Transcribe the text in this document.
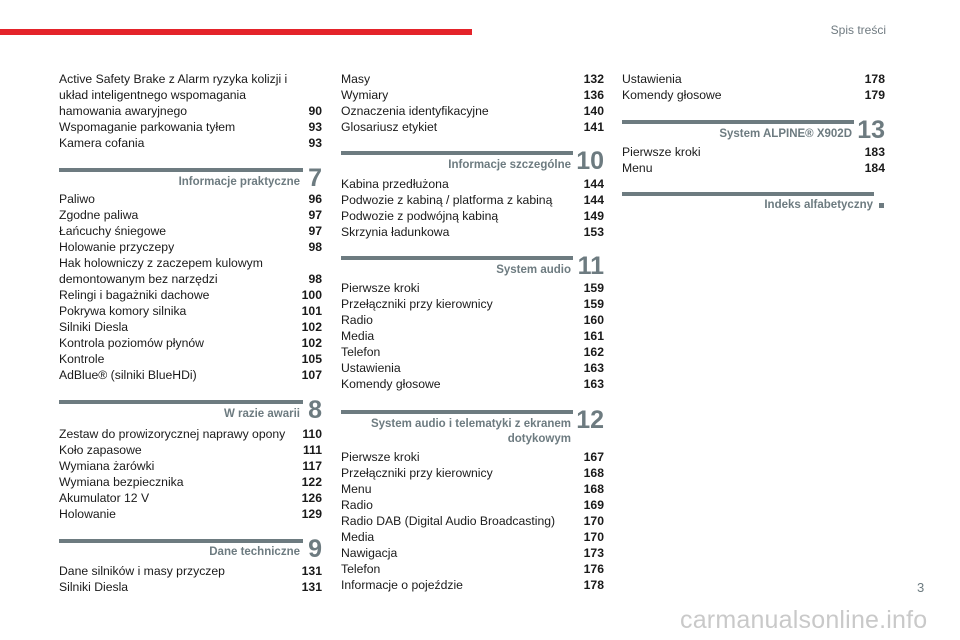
Spis treści
Active Safety Brake z Alarm ryzyka kolizji i układ inteligentnego wspomagania hamowania awaryjnego	90
Wspomaganie parkowania tyłem	93
Kamera cofania	93
Informacje praktyczne 7
Paliwo	96
Zgodne paliwa	97
Łańcuchy śniegowe	97
Holowanie przyczepy	98
Hak holowniczy z zaczepem kulowym demontowanym bez narzędzi	98
Relingi i bagażniki dachowe	100
Pokrywa komory silnika	101
Silniki Diesla	102
Kontrola poziomów płynów	102
Kontrole	105
AdBlue® (silniki BlueHDi)	107
W razie awarii 8
Zestaw do prowizorycznej naprawy opony	110
Koło zapasowe	111
Wymiana żarówki	117
Wymiana bezpiecznika	122
Akumulator 12 V	126
Holowanie	129
Dane techniczne 9
Dane silników i masy przyczep	131
Silniki Diesla	131
Masy	132
Wymiary	136
Oznaczenia identyfikacyjne	140
Glosariusz etykiet	141
Informacje szczególne 10
Kabina przedłużona	144
Podwozie z kabiną / platforma z kabiną	144
Podwozie z podwójną kabiną	149
Skrzynia ładunkowa	153
System audio 11
Pierwsze kroki	159
Przełączniki przy kierownicy	159
Radio	160
Media	161
Telefon	162
Ustawienia	163
Komendy głosowe	163
System audio i telematyki z ekranem dotykowym
12
Pierwsze kroki	167
Przełączniki przy kierownicy	168
Menu	168
Radio	169
Radio DAB (Digital Audio Broadcasting)	170
Media	170
Nawigacja	173
Telefon	176
Informacje o pojeździe	178
Ustawienia	178
Komendy głosowe	179
System ALPINE® X902D 13
Pierwsze kroki	183
Menu	184
Indeks alfabetyczny
3
carmanualsonline.info
